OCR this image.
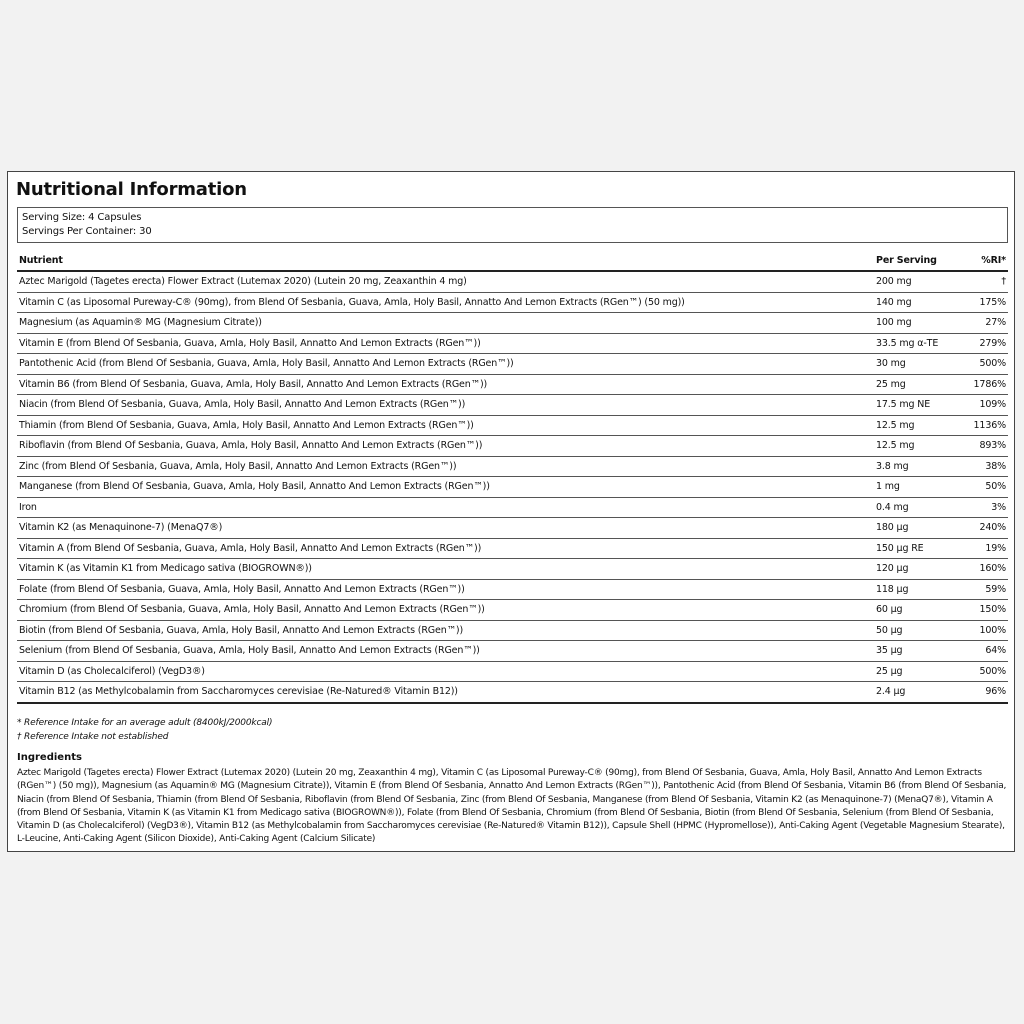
Nutritional Information
Serving Size: 4 Capsules
Servings Per Container: 30
Nutrient	Per Serving	%RI*
Aztec Marigold (Tagetes erecta) Flower Extract (Lutemax 2020) (Lutein 20 mg, Zeaxanthin 4 mg)	200 mg	†
Vitamin C (as Liposomal Pureway-C® (90mg), from Blend Of Sesbania, Guava, Amla, Holy Basil, Annatto And Lemon Extracts (RGen™) (50 mg))	140 mg	175%
Magnesium (as Aquamin® MG (Magnesium Citrate))	100 mg	27%
Vitamin E (from Blend Of Sesbania, Guava, Amla, Holy Basil, Annatto And Lemon Extracts (RGen™))	33.5 mg α-TE	279%
Pantothenic Acid (from Blend Of Sesbania, Guava, Amla, Holy Basil, Annatto And Lemon Extracts (RGen™))	30 mg	500%
Vitamin B6 (from Blend Of Sesbania, Guava, Amla, Holy Basil, Annatto And Lemon Extracts (RGen™))	25 mg	1786%
Niacin (from Blend Of Sesbania, Guava, Amla, Holy Basil, Annatto And Lemon Extracts (RGen™))	17.5 mg NE	109%
Thiamin (from Blend Of Sesbania, Guava, Amla, Holy Basil, Annatto And Lemon Extracts (RGen™))	12.5 mg	1136%
Riboflavin (from Blend Of Sesbania, Guava, Amla, Holy Basil, Annatto And Lemon Extracts (RGen™))	12.5 mg	893%
Zinc (from Blend Of Sesbania, Guava, Amla, Holy Basil, Annatto And Lemon Extracts (RGen™))	3.8 mg	38%
Manganese (from Blend Of Sesbania, Guava, Amla, Holy Basil, Annatto And Lemon Extracts (RGen™))	1 mg	50%
Iron	0.4 mg	3%
Vitamin K2 (as Menaquinone-7) (MenaQ7®)	180 µg	240%
Vitamin A (from Blend Of Sesbania, Guava, Amla, Holy Basil, Annatto And Lemon Extracts (RGen™))	150 µg RE	19%
Vitamin K (as Vitamin K1 from Medicago sativa (BIOGROWN®))	120 µg	160%
Folate (from Blend Of Sesbania, Guava, Amla, Holy Basil, Annatto And Lemon Extracts (RGen™))	118 µg	59%
Chromium (from Blend Of Sesbania, Guava, Amla, Holy Basil, Annatto And Lemon Extracts (RGen™))	60 µg	150%
Biotin (from Blend Of Sesbania, Guava, Amla, Holy Basil, Annatto And Lemon Extracts (RGen™))	50 µg	100%
Selenium (from Blend Of Sesbania, Guava, Amla, Holy Basil, Annatto And Lemon Extracts (RGen™))	35 µg	64%
Vitamin D (as Cholecalciferol) (VegD3®)	25 µg	500%
Vitamin B12 (as Methylcobalamin from Saccharomyces cerevisiae (Re-Natured® Vitamin B12))	2.4 µg	96%
* Reference Intake for an average adult (8400kJ/2000kcal)
† Reference Intake not established
Ingredients
Aztec Marigold (Tagetes erecta) Flower Extract (Lutemax 2020) (Lutein 20 mg, Zeaxanthin 4 mg), Vitamin C (as Liposomal Pureway-C® (90mg), from Blend Of Sesbania, Guava, Amla, Holy Basil, Annatto And Lemon Extracts (RGen™) (50 mg)), Magnesium (as Aquamin® MG (Magnesium Citrate)), Vitamin E (from Blend Of Sesbania, Annatto And Lemon Extracts (RGen™)), Pantothenic Acid (from Blend Of Sesbania, Vitamin B6 (from Blend Of Sesbania, Niacin (from Blend Of Sesbania, Thiamin (from Blend Of Sesbania, Riboflavin (from Blend Of Sesbania, Zinc (from Blend Of Sesbania, Manganese (from Blend Of Sesbania, Vitamin K2 (as Menaquinone-7) (MenaQ7®), Vitamin A (from Blend Of Sesbania, Vitamin K (as Vitamin K1 from Medicago sativa (BIOGROWN®)), Folate (from Blend Of Sesbania, Chromium (from Blend Of Sesbania, Biotin (from Blend Of Sesbania, Selenium (from Blend Of Sesbania, Vitamin D (as Cholecalciferol) (VegD3®), Vitamin B12 (as Methylcobalamin from Saccharomyces cerevisiae (Re-Natured® Vitamin B12)), Capsule Shell (HPMC (Hypromellose)), Anti-Caking Agent (Vegetable Magnesium Stearate), L-Leucine, Anti-Caking Agent (Silicon Dioxide), Anti-Caking Agent (Calcium Silicate)
